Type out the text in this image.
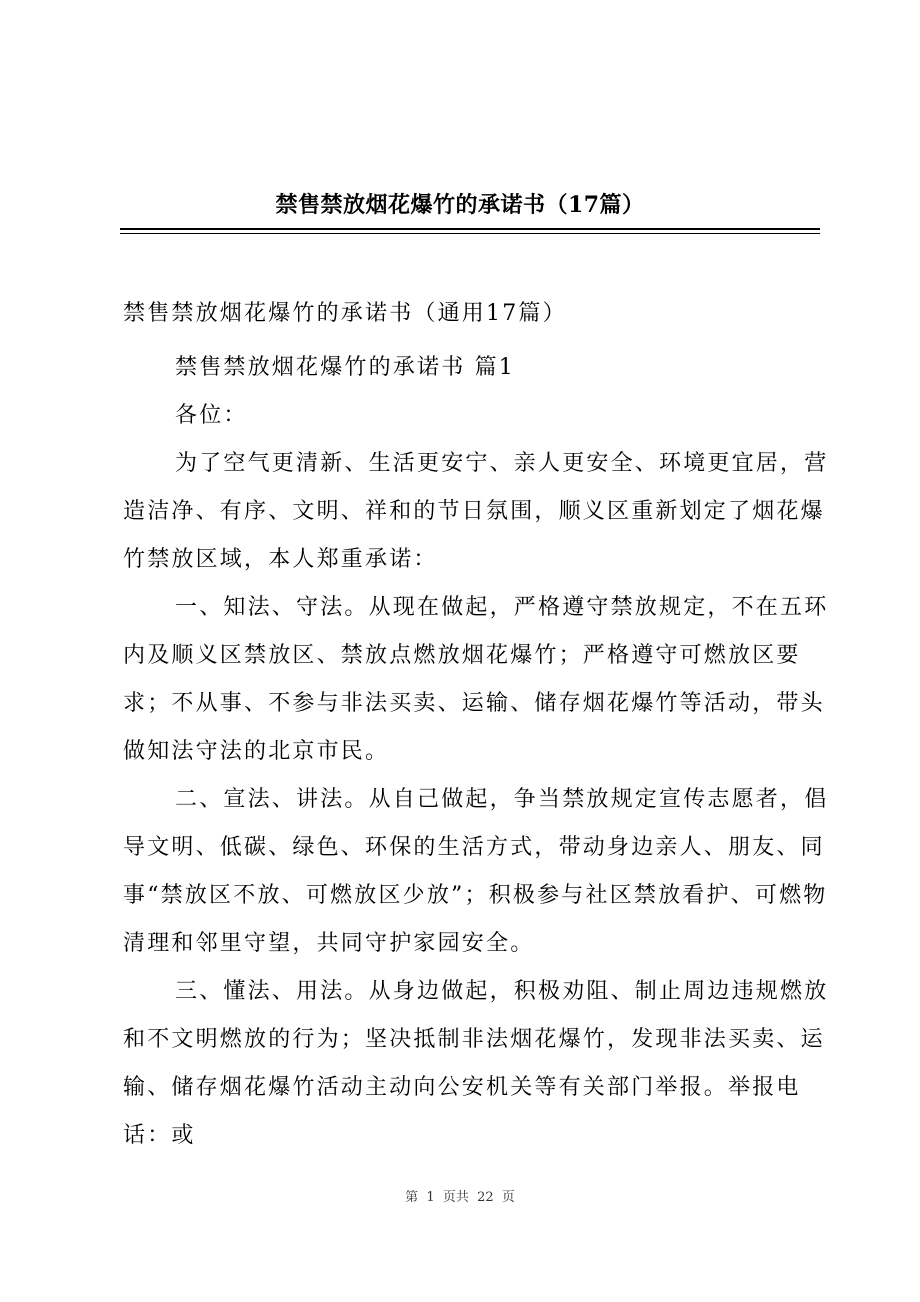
禁售禁放烟花爆竹的承诺书（17篇）

禁售禁放烟花爆竹的承诺书（通用17篇）

禁售禁放烟花爆竹的承诺书 篇1

各位：

为了空气更清新、生活更安宁、亲人更安全、环境更宜居，营造洁净、有序、文明、祥和的节日氛围，顺义区重新划定了烟花爆竹禁放区域，本人郑重承诺：

一、知法、守法。从现在做起，严格遵守禁放规定，不在五环内及顺义区禁放区、禁放点燃放烟花爆竹；严格遵守可燃放区要求；不从事、不参与非法买卖、运输、储存烟花爆竹等活动，带头做知法守法的北京市民。

二、宣法、讲法。从自己做起，争当禁放规定宣传志愿者，倡导文明、低碳、绿色、环保的生活方式，带动身边亲人、朋友、同事“禁放区不放、可燃放区少放”；积极参与社区禁放看护、可燃物清理和邻里守望，共同守护家园安全。

三、懂法、用法。从身边做起，积极劝阻、制止周边违规燃放和不文明燃放的行为；坚决抵制非法烟花爆竹，发现非法买卖、运输、储存烟花爆竹活动主动向公安机关等有关部门举报。举报电话：或

第  1  页共  22  页
